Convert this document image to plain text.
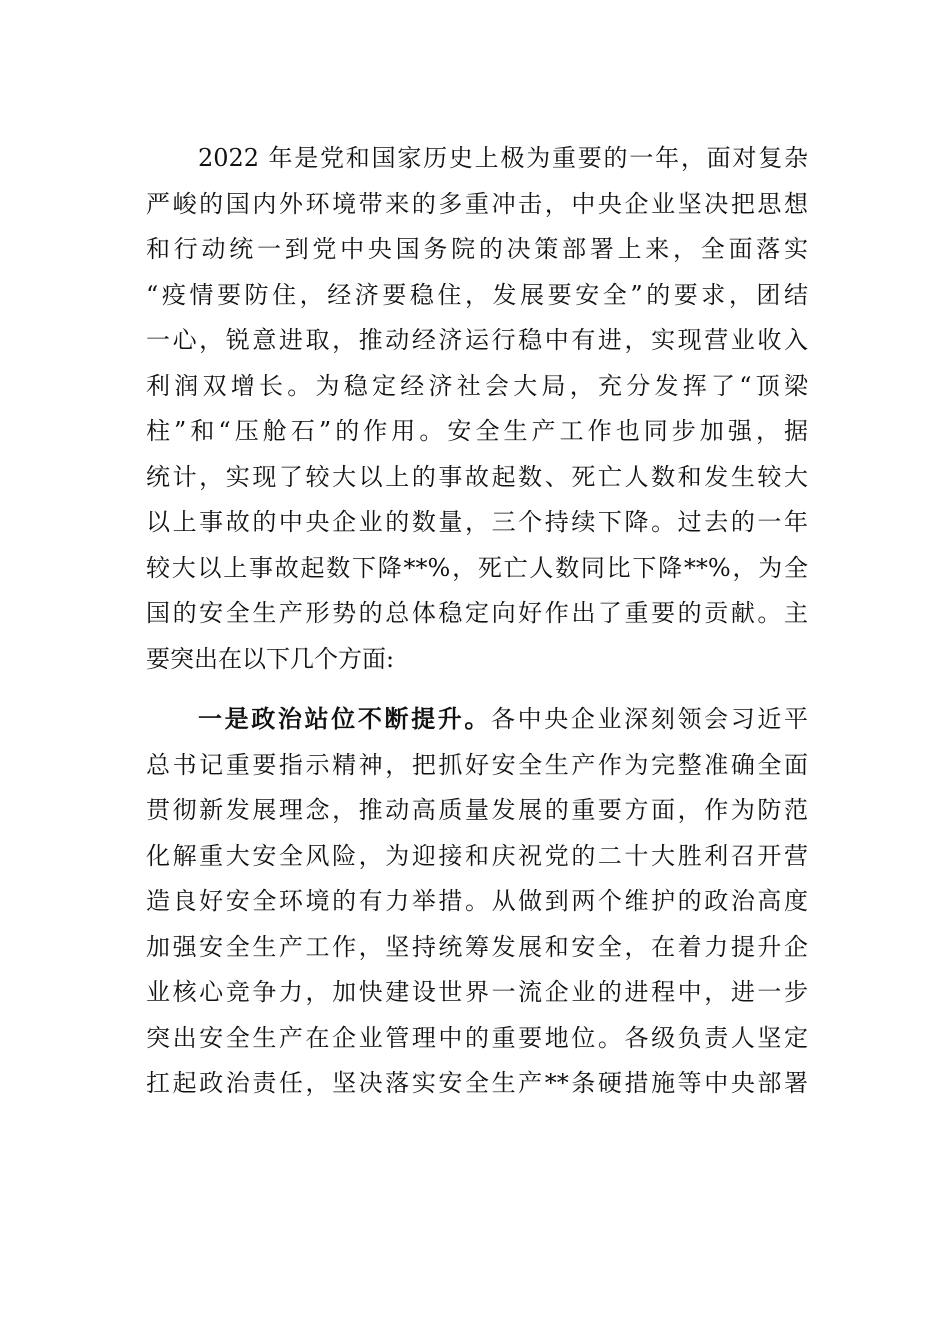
2022 年是党和国家历史上极为重要的一年，面对复杂
严峻的国内外环境带来的多重冲击，中央企业坚决把思想
和行动统一到党中央国务院的决策部署上来，全面落实
“疫情要防住，经济要稳住，发展要安全”的要求，团结
一心，锐意进取，推动经济运行稳中有进，实现营业收入
利润双增长。为稳定经济社会大局，充分发挥了“顶梁
柱”和“压舱石”的作用。安全生产工作也同步加强，据
统计，实现了较大以上的事故起数、死亡人数和发生较大
以上事故的中央企业的数量，三个持续下降。过去的一年
较大以上事故起数下降**%，死亡人数同比下降**%，为全
国的安全生产形势的总体稳定向好作出了重要的贡献。主
要突出在以下几个方面:
一是政治站位不断提升。各中央企业深刻领会习近平
总书记重要指示精神，把抓好安全生产作为完整准确全面
贯彻新发展理念，推动高质量发展的重要方面，作为防范
化解重大安全风险，为迎接和庆祝党的二十大胜利召开营
造良好安全环境的有力举措。从做到两个维护的政治高度
加强安全生产工作，坚持统筹发展和安全，在着力提升企
业核心竞争力，加快建设世界一流企业的进程中，进一步
突出安全生产在企业管理中的重要地位。各级负责人坚定
扛起政治责任，坚决落实安全生产**条硬措施等中央部署
